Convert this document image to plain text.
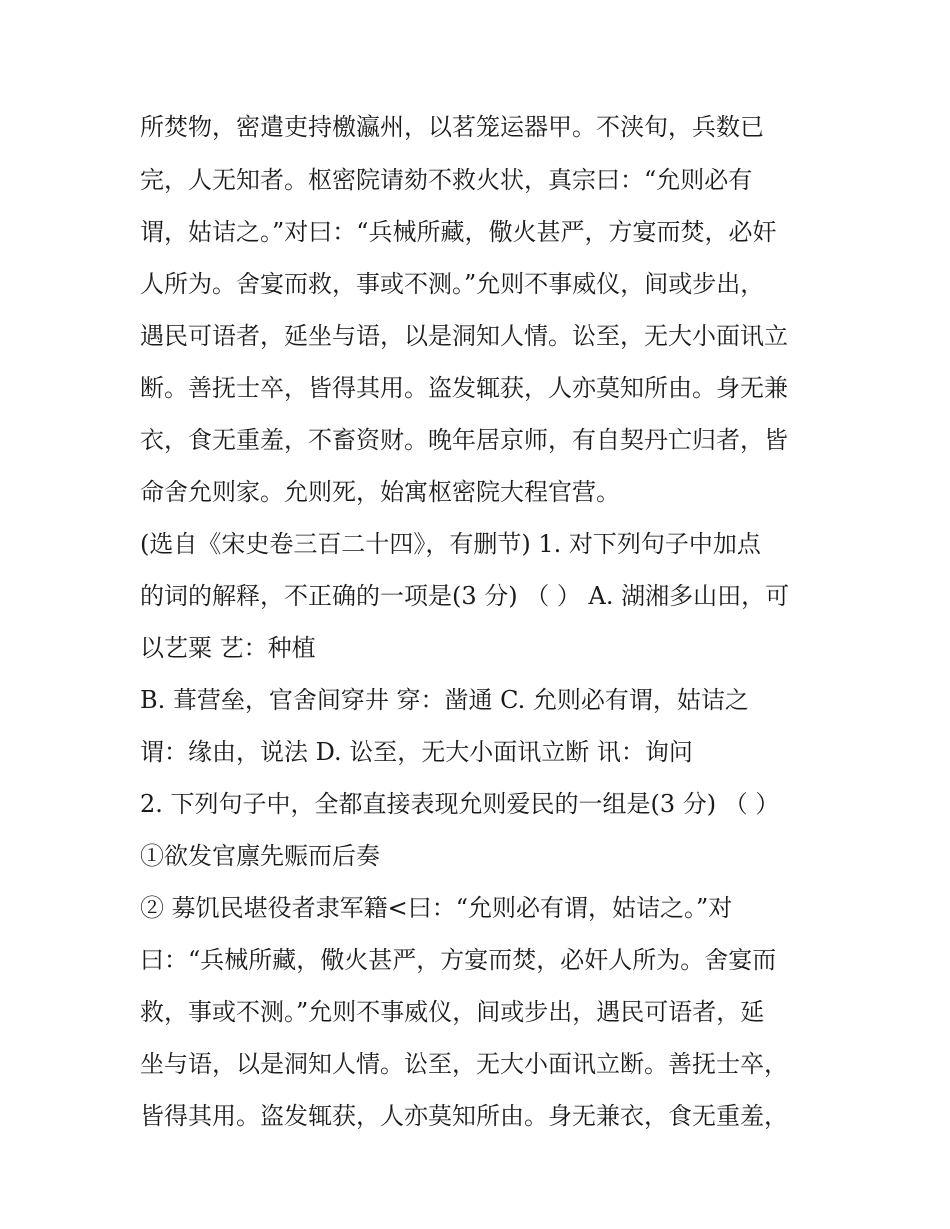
所焚物，密遣吏持檄瀛州，以茗笼运器甲。不浃旬，兵数已
完，人无知者。枢密院请劾不救火状，真宗曰：“允则必有
谓，姑诘之。”对曰：“兵械所藏，儆火甚严，方宴而焚，必奸
人所为。舍宴而救，事或不测。”允则不事威仪，间或步出，
遇民可语者，延坐与语，以是洞知人情。讼至，无大小面讯立
断。善抚士卒，皆得其用。盗发辄获，人亦莫知所由。身无兼
衣，食无重羞，不畜资财。晚年居京师，有自契丹亡归者，皆
命舍允则家。允则死，始寓枢密院大程官营。
(选自《宋史卷三百二十四》，有删节) 1. 对下列句子中加点
的词的解释，不正确的一项是(3 分) （ ） A. 湖湘多山田，可
以艺粟 艺：种植
B. 葺营垒，官舍间穿井 穿：凿通 C. 允则必有谓，姑诘之
谓：缘由，说法 D. 讼至，无大小面讯立断 讯：询问
2. 下列句子中，全都直接表现允则爱民的一组是(3 分) （ ）
①欲发官廪先赈而后奏
② 募饥民堪役者隶军籍<曰：“允则必有谓，姑诘之。”对
曰：“兵械所藏，儆火甚严，方宴而焚，必奸人所为。舍宴而
救，事或不测。”允则不事威仪，间或步出，遇民可语者，延
坐与语，以是洞知人情。讼至，无大小面讯立断。善抚士卒，
皆得其用。盗发辄获，人亦莫知所由。身无兼衣，食无重羞，
